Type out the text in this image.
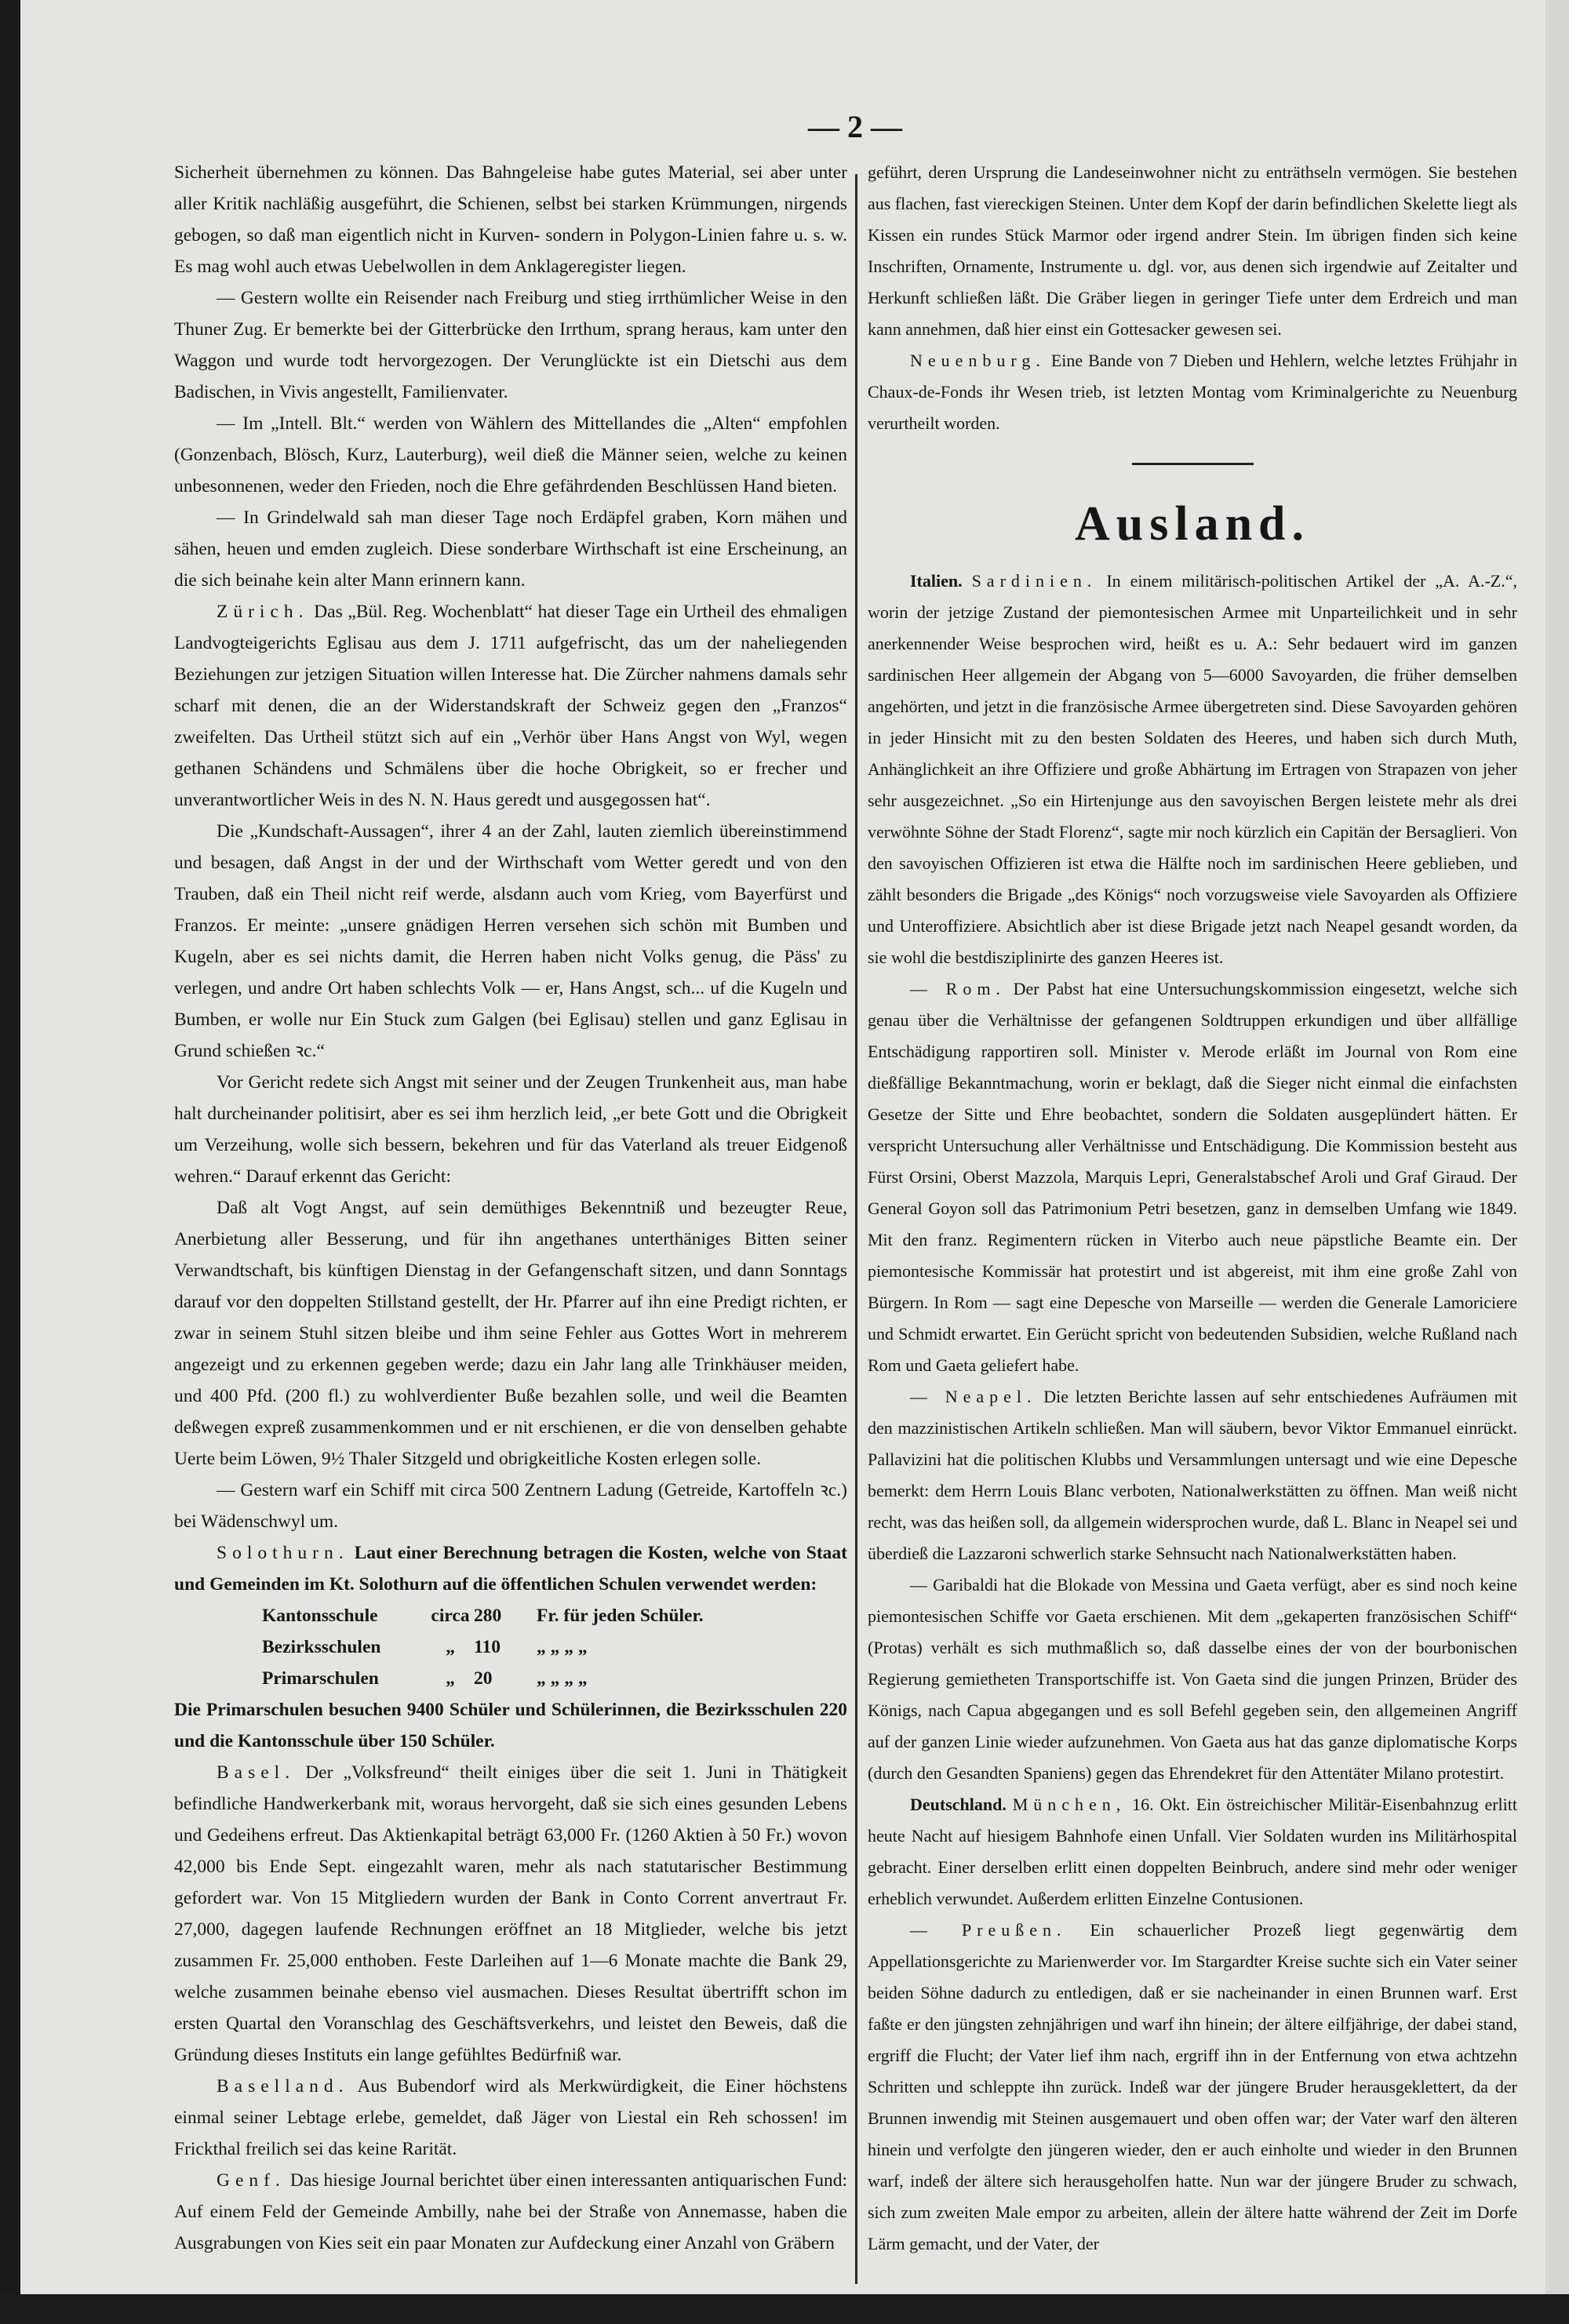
— 2 —

Sicherheit übernehmen zu können. Das Bahngeleise habe gutes Material, sei aber unter aller Kritik nachläßig ausgeführt, die Schienen, selbst bei starken Krümmungen, nirgends gebogen, so daß man eigentlich nicht in Kurven- sondern in Polygon-Linien fahre u. s. w. Es mag wohl auch etwas Uebelwollen in dem Anklageregister liegen.

— Gestern wollte ein Reisender nach Freiburg und stieg irrthümlicher Weise in den Thuner Zug. Er bemerkte bei der Gitterbrücke den Irrthum, sprang heraus, kam unter den Waggon und wurde todt hervorgezogen. Der Verunglückte ist ein Dietschi aus dem Badischen, in Vivis angestellt, Familienvater.

— Im „Intell. Blt.“ werden von Wählern des Mittellandes die „Alten“ empfohlen (Gonzenbach, Blösch, Kurz, Lauterburg), weil dieß die Männer seien, welche zu keinen unbesonnenen, weder den Frieden, noch die Ehre gefährdenden Beschlüssen Hand bieten.

— In Grindelwald sah man dieser Tage noch Erdäpfel graben, Korn mähen und sähen, heuen und emden zugleich. Diese sonderbare Wirthschaft ist eine Erscheinung, an die sich beinahe kein alter Mann erinnern kann.

Zürich. Das „Bül. Reg. Wochenblatt“ hat dieser Tage ein Urtheil des ehmaligen Landvogteigerichts Eglisau aus dem J. 1711 aufgefrischt, das um der naheliegenden Beziehungen zur jetzigen Situation willen Interesse hat. Die Zürcher nahmens damals sehr scharf mit denen, die an der Widerstandskraft der Schweiz gegen den „Franzos“ zweifelten. Das Urtheil stützt sich auf ein „Verhör über Hans Angst von Wyl, wegen gethanen Schändens und Schmälens über die hoche Obrigkeit, so er frecher und unverantwortlicher Weis in des N. N. Haus geredt und ausgegossen hat“.

Die „Kundschaft-Aussagen“, ihrer 4 an der Zahl, lauten ziemlich übereinstimmend und besagen, daß Angst in der und der Wirthschaft vom Wetter geredt und von den Trauben, daß ein Theil nicht reif werde, alsdann auch vom Krieg, vom Bayerfürst und Franzos. Er meinte: „unsere gnädigen Herren versehen sich schön mit Bumben und Kugeln, aber es sei nichts damit, die Herren haben nicht Volks genug, die Päss' zu verlegen, und andre Ort haben schlechts Volk — er, Hans Angst, sch... uf die Kugeln und Bumben, er wolle nur Ein Stuck zum Galgen (bei Eglisau) stellen und ganz Eglisau in Grund schießen ꝛc.“

Vor Gericht redete sich Angst mit seiner und der Zeugen Trunkenheit aus, man habe halt durcheinander politisirt, aber es sei ihm herzlich leid, „er bete Gott und die Obrigkeit um Verzeihung, wolle sich bessern, bekehren und für das Vaterland als treuer Eidgenoß wehren.“ Darauf erkennt das Gericht:

Daß alt Vogt Angst, auf sein demüthiges Bekenntniß und bezeugter Reue, Anerbietung aller Besserung, und für ihn angethanes unterthäniges Bitten seiner Verwandtschaft, bis künftigen Dienstag in der Gefangenschaft sitzen, und dann Sonntags darauf vor den doppelten Stillstand gestellt, der Hr. Pfarrer auf ihn eine Predigt richten, er zwar in seinem Stuhl sitzen bleibe und ihm seine Fehler aus Gottes Wort in mehrerem angezeigt und zu erkennen gegeben werde; dazu ein Jahr lang alle Trinkhäuser meiden, und 400 Pfd. (200 fl.) zu wohlverdienter Buße bezahlen solle, und weil die Beamten deßwegen expreß zusammenkommen und er nit erschienen, er die von denselben gehabte Uerte beim Löwen, 9½ Thaler Sitzgeld und obrigkeitliche Kosten erlegen solle.

— Gestern warf ein Schiff mit circa 500 Zentnern Ladung (Getreide, Kartoffeln ꝛc.) bei Wädenschwyl um.

Solothurn. Laut einer Berechnung betragen die Kosten, welche von Staat und Gemeinden im Kt. Solothurn auf die öffentlichen Schulen verwendet werden:

Kantonsschule	circa 280	Fr. für jeden Schüler.
Bezirksschulen	„	110	„ „ „ „
Primarschulen	„	20	„ „ „ „

Die Primarschulen besuchen 9400 Schüler und Schülerinnen, die Bezirksschulen 220 und die Kantonsschule über 150 Schüler.

Basel. Der „Volksfreund“ theilt einiges über die seit 1. Juni in Thätigkeit befindliche Handwerkerbank mit, woraus hervorgeht, daß sie sich eines gesunden Lebens und Gedeihens erfreut. Das Aktienkapital beträgt 63,000 Fr. (1260 Aktien à 50 Fr.) wovon 42,000 bis Ende Sept. eingezahlt waren, mehr als nach statutarischer Bestimmung gefordert war. Von 15 Mitgliedern wurden der Bank in Conto Corrent anvertraut Fr. 27,000, dagegen laufende Rechnungen eröffnet an 18 Mitglieder, welche bis jetzt zusammen Fr. 25,000 enthoben. Feste Darleihen auf 1—6 Monate machte die Bank 29, welche zusammen beinahe ebenso viel ausmachen. Dieses Resultat übertrifft schon im ersten Quartal den Voranschlag des Geschäftsverkehrs, und leistet den Beweis, daß die Gründung dieses Instituts ein lange gefühltes Bedürfniß war.

Baselland. Aus Bubendorf wird als Merkwürdigkeit, die Einer höchstens einmal seiner Lebtage erlebe, gemeldet, daß Jäger von Liestal ein Reh schossen! im Frickthal freilich sei das keine Rarität.

Genf. Das hiesige Journal berichtet über einen interessanten antiquarischen Fund: Auf einem Feld der Gemeinde Ambilly, nahe bei der Straße von Annemasse, haben die Ausgrabungen von Kies seit ein paar Monaten zur Aufdeckung einer Anzahl von Gräbern

geführt, deren Ursprung die Landeseinwohner nicht zu enträthseln vermögen. Sie bestehen aus flachen, fast viereckigen Steinen. Unter dem Kopf der darin befindlichen Skelette liegt als Kissen ein rundes Stück Marmor oder irgend andrer Stein. Im übrigen finden sich keine Inschriften, Ornamente, Instrumente u. dgl. vor, aus denen sich irgendwie auf Zeitalter und Herkunft schließen läßt. Die Gräber liegen in geringer Tiefe unter dem Erdreich und man kann annehmen, daß hier einst ein Gottesacker gewesen sei.

Neuenburg. Eine Bande von 7 Dieben und Hehlern, welche letztes Frühjahr in Chaux-de-Fonds ihr Wesen trieb, ist letzten Montag vom Kriminalgerichte zu Neuenburg verurtheilt worden.

Ausland.

Italien. Sardinien. In einem militärisch-politischen Artikel der „A. A.-Z.“, worin der jetzige Zustand der piemontesischen Armee mit Unparteilichkeit und in sehr anerkennender Weise besprochen wird, heißt es u. A.: Sehr bedauert wird im ganzen sardinischen Heer allgemein der Abgang von 5—6000 Savoyarden, die früher demselben angehörten, und jetzt in die französische Armee übergetreten sind. Diese Savoyarden gehören in jeder Hinsicht mit zu den besten Soldaten des Heeres, und haben sich durch Muth, Anhänglichkeit an ihre Offiziere und große Abhärtung im Ertragen von Strapazen von jeher sehr ausgezeichnet. „So ein Hirtenjunge aus den savoyischen Bergen leistete mehr als drei verwöhnte Söhne der Stadt Florenz“, sagte mir noch kürzlich ein Capitän der Bersaglieri. Von den savoyischen Offizieren ist etwa die Hälfte noch im sardinischen Heere geblieben, und zählt besonders die Brigade „des Königs“ noch vorzugsweise viele Savoyarden als Offiziere und Unteroffiziere. Absichtlich aber ist diese Brigade jetzt nach Neapel gesandt worden, da sie wohl die bestdisziplinirte des ganzen Heeres ist.

— Rom. Der Pabst hat eine Untersuchungskommission eingesetzt, welche sich genau über die Verhältnisse der gefangenen Soldtruppen erkundigen und über allfällige Entschädigung rapportiren soll. Minister v. Merode erläßt im Journal von Rom eine dießfällige Bekanntmachung, worin er beklagt, daß die Sieger nicht einmal die einfachsten Gesetze der Sitte und Ehre beobachtet, sondern die Soldaten ausgeplündert hätten. Er verspricht Untersuchung aller Verhältnisse und Entschädigung. Die Kommission besteht aus Fürst Orsini, Oberst Mazzola, Marquis Lepri, Generalstabschef Aroli und Graf Giraud. Der General Goyon soll das Patrimonium Petri besetzen, ganz in demselben Umfang wie 1849. Mit den franz. Regimentern rücken in Viterbo auch neue päpstliche Beamte ein. Der piemontesische Kommissär hat protestirt und ist abgereist, mit ihm eine große Zahl von Bürgern. In Rom — sagt eine Depesche von Marseille — werden die Generale Lamoriciere und Schmidt erwartet. Ein Gerücht spricht von bedeutenden Subsidien, welche Rußland nach Rom und Gaeta geliefert habe.

— Neapel. Die letzten Berichte lassen auf sehr entschiedenes Aufräumen mit den mazzinistischen Artikeln schließen. Man will säubern, bevor Viktor Emmanuel einrückt. Pallavizini hat die politischen Klubbs und Versammlungen untersagt und wie eine Depesche bemerkt: dem Herrn Louis Blanc verboten, Nationalwerkstätten zu öffnen. Man weiß nicht recht, was das heißen soll, da allgemein widersprochen wurde, daß L. Blanc in Neapel sei und überdieß die Lazzaroni schwerlich starke Sehnsucht nach Nationalwerkstätten haben.

— Garibaldi hat die Blokade von Messina und Gaeta verfügt, aber es sind noch keine piemontesischen Schiffe vor Gaeta erschienen. Mit dem „gekaperten französischen Schiff“ (Protas) verhält es sich muthmaßlich so, daß dasselbe eines der von der bourbonischen Regierung gemietheten Transportschiffe ist. Von Gaeta sind die jungen Prinzen, Brüder des Königs, nach Capua abgegangen und es soll Befehl gegeben sein, den allgemeinen Angriff auf der ganzen Linie wieder aufzunehmen. Von Gaeta aus hat das ganze diplomatische Korps (durch den Gesandten Spaniens) gegen das Ehrendekret für den Attentäter Milano protestirt.

Deutschland. München, 16. Okt. Ein östreichischer Militär-Eisenbahnzug erlitt heute Nacht auf hiesigem Bahnhofe einen Unfall. Vier Soldaten wurden ins Militärhospital gebracht. Einer derselben erlitt einen doppelten Beinbruch, andere sind mehr oder weniger erheblich verwundet. Außerdem erlitten Einzelne Contusionen.

— Preußen. Ein schauerlicher Prozeß liegt gegenwärtig dem Appellationsgerichte zu Marienwerder vor. Im Stargardter Kreise suchte sich ein Vater seiner beiden Söhne dadurch zu entledigen, daß er sie nacheinander in einen Brunnen warf. Erst faßte er den jüngsten zehnjährigen und warf ihn hinein; der ältere eilfjährige, der dabei stand, ergriff die Flucht; der Vater lief ihm nach, ergriff ihn in der Entfernung von etwa achtzehn Schritten und schleppte ihn zurück. Indeß war der jüngere Bruder herausgeklettert, da der Brunnen inwendig mit Steinen ausgemauert und oben offen war; der Vater warf den älteren hinein und verfolgte den jüngeren wieder, den er auch einholte und wieder in den Brunnen warf, indeß der ältere sich herausgeholfen hatte. Nun war der jüngere Bruder zu schwach, sich zum zweiten Male empor zu arbeiten, allein der ältere hatte während der Zeit im Dorfe Lärm gemacht, und der Vater, der
